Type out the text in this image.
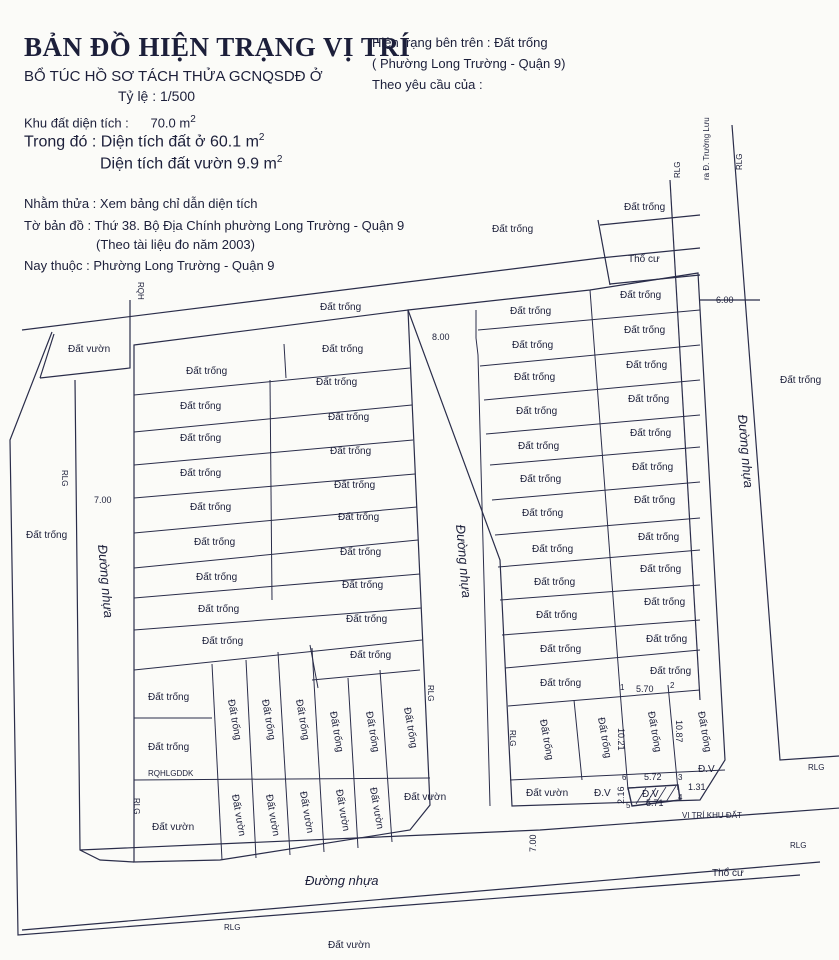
BẢN ĐỒ HIỆN TRẠNG VỊ TRÍ
BỔ TÚC HỒ SƠ TÁCH THỬA GCNQSDĐ Ở
Tỷ lệ : 1/500
Khu đất diện tích : 70.0 $m^2$
Trong đó : Diện tích đất ở 60.1 $m^2$
Diện tích đất vườn 9.9 $m^2$
Nhằm thửa : Xem bảng chỉ dẫn diện tích
Tờ bản đồ : Thứ 38. Bộ Địa Chính phường Long Trường - Quận 9
(Theo tài liệu đo năm 2003)
Nay thuộc : Phường Long Trường - Quận 9
Hiện trạng bên trên : Đất trống
( Phường Long Trường - Quận 9)
Theo yêu cầu của :
Đất vườn
Đất trống
Đất trống
Đất trống
Thổ cư
Đất trống
Đất trống
Đất trống
Đất trống
Đất trống
Đất trống
Đất trống
Đất trống
Đất trống
Đất trống
Đất trống
Đất trống
Đất trống
Đất trống
Đất trống
Đất trống
Đất trống
Đất trống
Đất trống
Đất trống
Đất trống
Đất trống
Đất trống
RQHLGDDK
Đất vườn
Đất trống Đất trống Đất trống Đất trống Đất trống Đất trống
Đất vườn Đất vườn Đất vườn Đất vườn Đất vườn Đất vườn
Đất trống
Đất trống
Đất trống
Đất trống
Đất trống
Đất trống
Đất trống
Đất trống
Đất trống
Đất trống
Đất trống
Đất trống
Đất trống
Đất trống
Đất trống
Đất trống
Đất trống
Đất trống
Đất trống
Đất trống
Đất trống
Đất trống
Đất trống
Đất trống
Đất trống	Đất trống	Đất trống	Đất trống
Đất vườn	Đ.V	Đ.V
Đ.V
VỊ TRÍ KHU ĐẤT
Đường nhựa	Đường nhựa
Đường nhựa
Đường nhựa
RLG	RLG
ra Đ. Trường Lưu
RQH
RLG
RLG
RLG
RLG
RLG
RLG
RLG
Đất vườn
Thổ cư
8.00
6.00
7.00
7.00
5.70
5.72
5.71
1.31
2.16
10.21	10.87
1	2
3
4
5
6
